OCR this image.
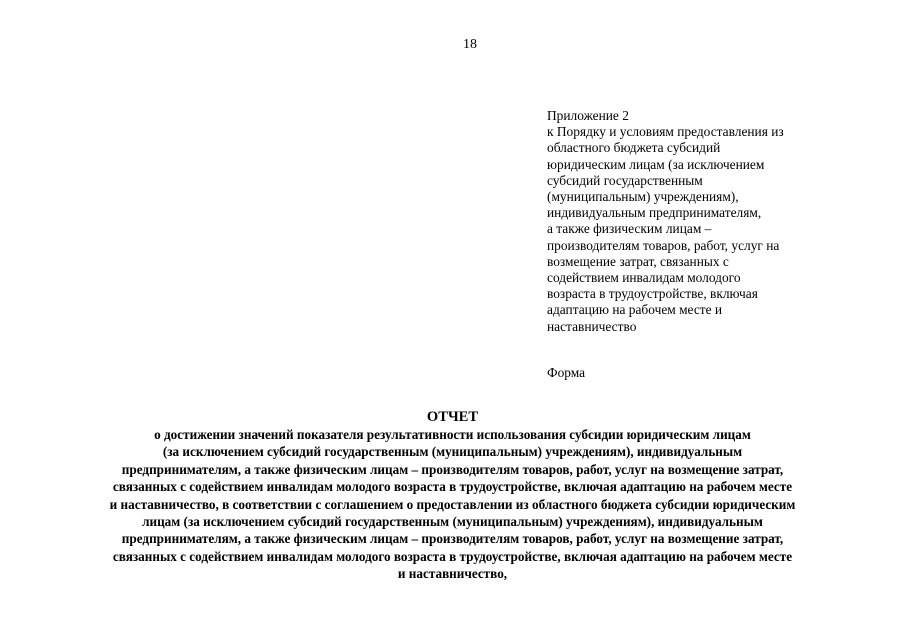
18
Приложение 2
к Порядку и условиям предоставления из
областного бюджета субсидий
юридическим лицам (за исключением
субсидий государственным
(муниципальным) учреждениям),
индивидуальным предпринимателям,
а также физическим лицам –
производителям товаров, работ, услуг на
возмещение затрат, связанных с
содействием инвалидам молодого
возраста в трудоустройстве, включая
адаптацию на рабочем месте и
наставничество
Форма
ОТЧЕТ
о достижении значений показателя результативности использования субсидии юридическим лицам
(за исключением субсидий государственным (муниципальным) учреждениям), индивидуальным
предпринимателям, а также физическим лицам – производителям товаров, работ, услуг на возмещение затрат,
связанных с содействием инвалидам молодого возраста в трудоустройстве, включая адаптацию на рабочем месте
и наставничество, в соответствии с соглашением о предоставлении из областного бюджета субсидии юридическим
лицам (за исключением субсидий государственным (муниципальным) учреждениям), индивидуальным
предпринимателям, а также физическим лицам – производителям товаров, работ, услуг на возмещение затрат,
связанных с содействием инвалидам молодого возраста в трудоустройстве, включая адаптацию на рабочем месте
и наставничество,
